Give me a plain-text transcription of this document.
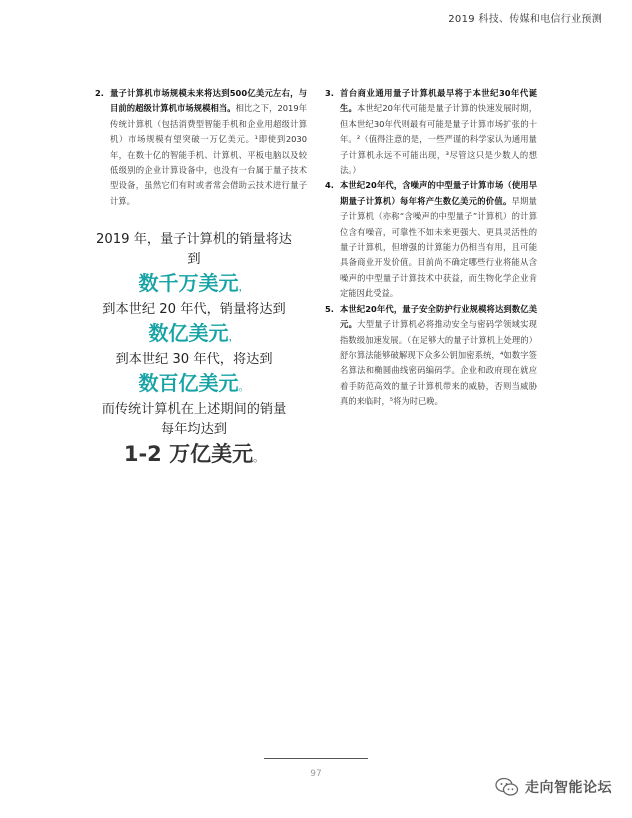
2019 科技、传媒和电信行业预测
2. 量子计算机市场规模未来将达到500亿美元左右，与目前的超级计算机市场规模相当。相比之下，2019年传统计算机（包括消费型智能手机和企业用超级计算机）市场规模有望突破一万亿美元。¹即使到2030年，在数十亿的智能手机、计算机、平板电脑以及较低级别的企业计算设备中，也没有一台属于量子技术型设备，虽然它们有时或者常会借助云技术进行量子计算。
2019 年，量子计算机的销量将达到
数千万美元，
到本世纪 20 年代，销量将达到
数亿美元，
到本世纪 30 年代，将达到
数百亿美元。
而传统计算机在上述期间的销量
每年均达到
1-2 万亿美元。
3. 首台商业通用量子计算机最早将于本世纪30年代诞生。本世纪20年代可能是量子计算的快速发展时期，但本世纪30年代则最有可能是量子计算市场扩张的十年。²（值得注意的是，一些严谨的科学家认为通用量子计算机永远不可能出现，³尽管这只是少数人的想法。）
4. 本世纪20年代，含噪声的中型量子计算市场（使用早期量子计算机）每年将产生数亿美元的价值。早期量子计算机（亦称“含噪声的中型量子”计算机）的计算位含有噪音，可靠性不如未来更强大、更具灵活性的量子计算机，但增强的计算能力仍相当有用，且可能具备商业开发价值。目前尚不确定哪些行业将能从含噪声的中型量子计算技术中获益，而生物化学企业肯定能因此受益。
5. 本世纪20年代，量子安全防护行业规模将达到数亿美元。大型量子计算机必将推动安全与密码学领域实现指数级加速发展。（在足够大的量子计算机上处理的）舒尔算法能够破解现下众多公钥加密系统，⁴如数字签名算法和椭圆曲线密码编码学。企业和政府现在就应着手防范高效的量子计算机带来的威胁，否则当威胁真的来临时，⁵将为时已晚。
97
走向智能论坛
